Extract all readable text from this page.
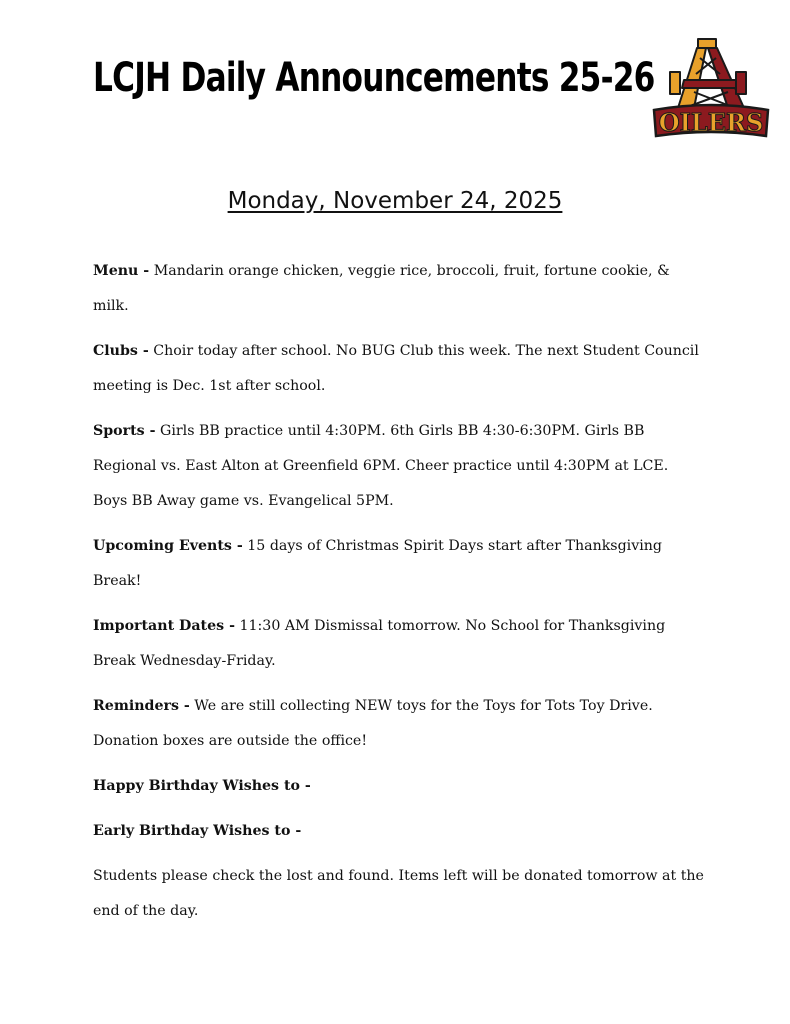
LCJH Daily Announcements 25-26
OILERS
Monday, November 24, 2025

Menu - Mandarin orange chicken, veggie rice, broccoli, fruit, fortune cookie, & milk.

Clubs - Choir today after school. No BUG Club this week. The next Student Council meeting is Dec. 1st after school.

Sports - Girls BB practice until 4:30PM. 6th Girls BB 4:30-6:30PM. Girls BB Regional vs. East Alton at Greenfield 6PM. Cheer practice until 4:30PM at LCE. Boys BB Away game vs. Evangelical 5PM.

Upcoming Events - 15 days of Christmas Spirit Days start after Thanksgiving Break!

Important Dates - 11:30 AM Dismissal tomorrow. No School for Thanksgiving Break Wednesday-Friday.

Reminders - We are still collecting NEW toys for the Toys for Tots Toy Drive. Donation boxes are outside the office!

Happy Birthday Wishes to -

Early Birthday Wishes to -

Students please check the lost and found. Items left will be donated tomorrow at the end of the day.
